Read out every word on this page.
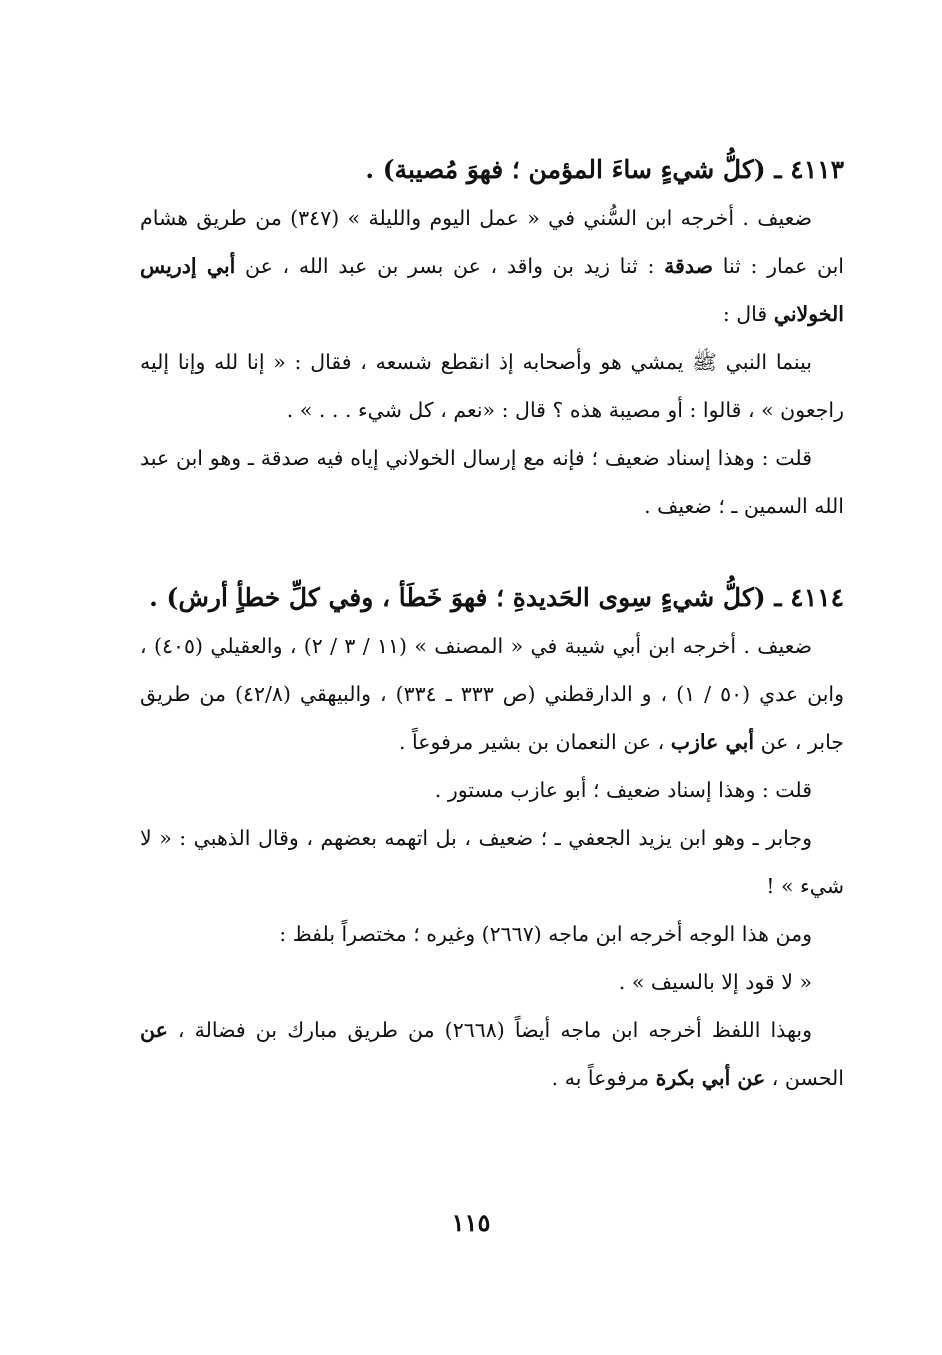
٤١١٣ ـ (كلُّ شيءٍ ساءَ المؤمن ؛ فهوَ مُصيبة) .

ضعيف . أخرجه ابن السُّني في « عمل اليوم والليلة » (٣٤٧) من طريق هشام ابن عمار : ثنا صدقة : ثنا زيد بن واقد ، عن بسر بن عبد الله ، عن أبي إدريس الخولاني قال :

بينما النبي ﷺ يمشي هو وأصحابه إذ انقطع شسعه ، فقال : « إنا لله وإنا إليه راجعون » ، قالوا : أو مصيبة هذه ؟ قال : «نعم ، كل شيء . . . » .

قلت : وهذا إسناد ضعيف ؛ فإنه مع إرسال الخولاني إياه فيه صدقة ـ وهو ابن عبد الله السمين ـ ؛ ضعيف .

٤١١٤ ـ (كلُّ شيءٍ سِوى الحَديدةِ ؛ فهوَ خَطَأ ، وفي كلِّ خطأٍ أرش) .

ضعيف . أخرجه ابن أبي شيبة في « المصنف » (١١ / ٣ / ٢) ، والعقيلي (٤٠٥) ، وابن عدي (٥٠ / ١) ، و الدارقطني (ص ٣٣٣ ـ ٣٣٤) ، والبيهقي (٤٢/٨) من طريق جابر ، عن أبي عازب ، عن النعمان بن بشير مرفوعاً .

قلت : وهذا إسناد ضعيف ؛ أبو عازب مستور .

وجابر ـ وهو ابن يزيد الجعفي ـ ؛ ضعيف ، بل اتهمه بعضهم ، وقال الذهبي : « لا شيء » !

ومن هذا الوجه أخرجه ابن ماجه (٢٦٦٧) وغيره ؛ مختصراً بلفظ :

« لا قود إلا بالسيف » .

وبهذا اللفظ أخرجه ابن ماجه أيضاً (٢٦٦٨) من طريق مبارك بن فضالة ، عن الحسن ، عن أبي بكرة مرفوعاً به .

١١٥
